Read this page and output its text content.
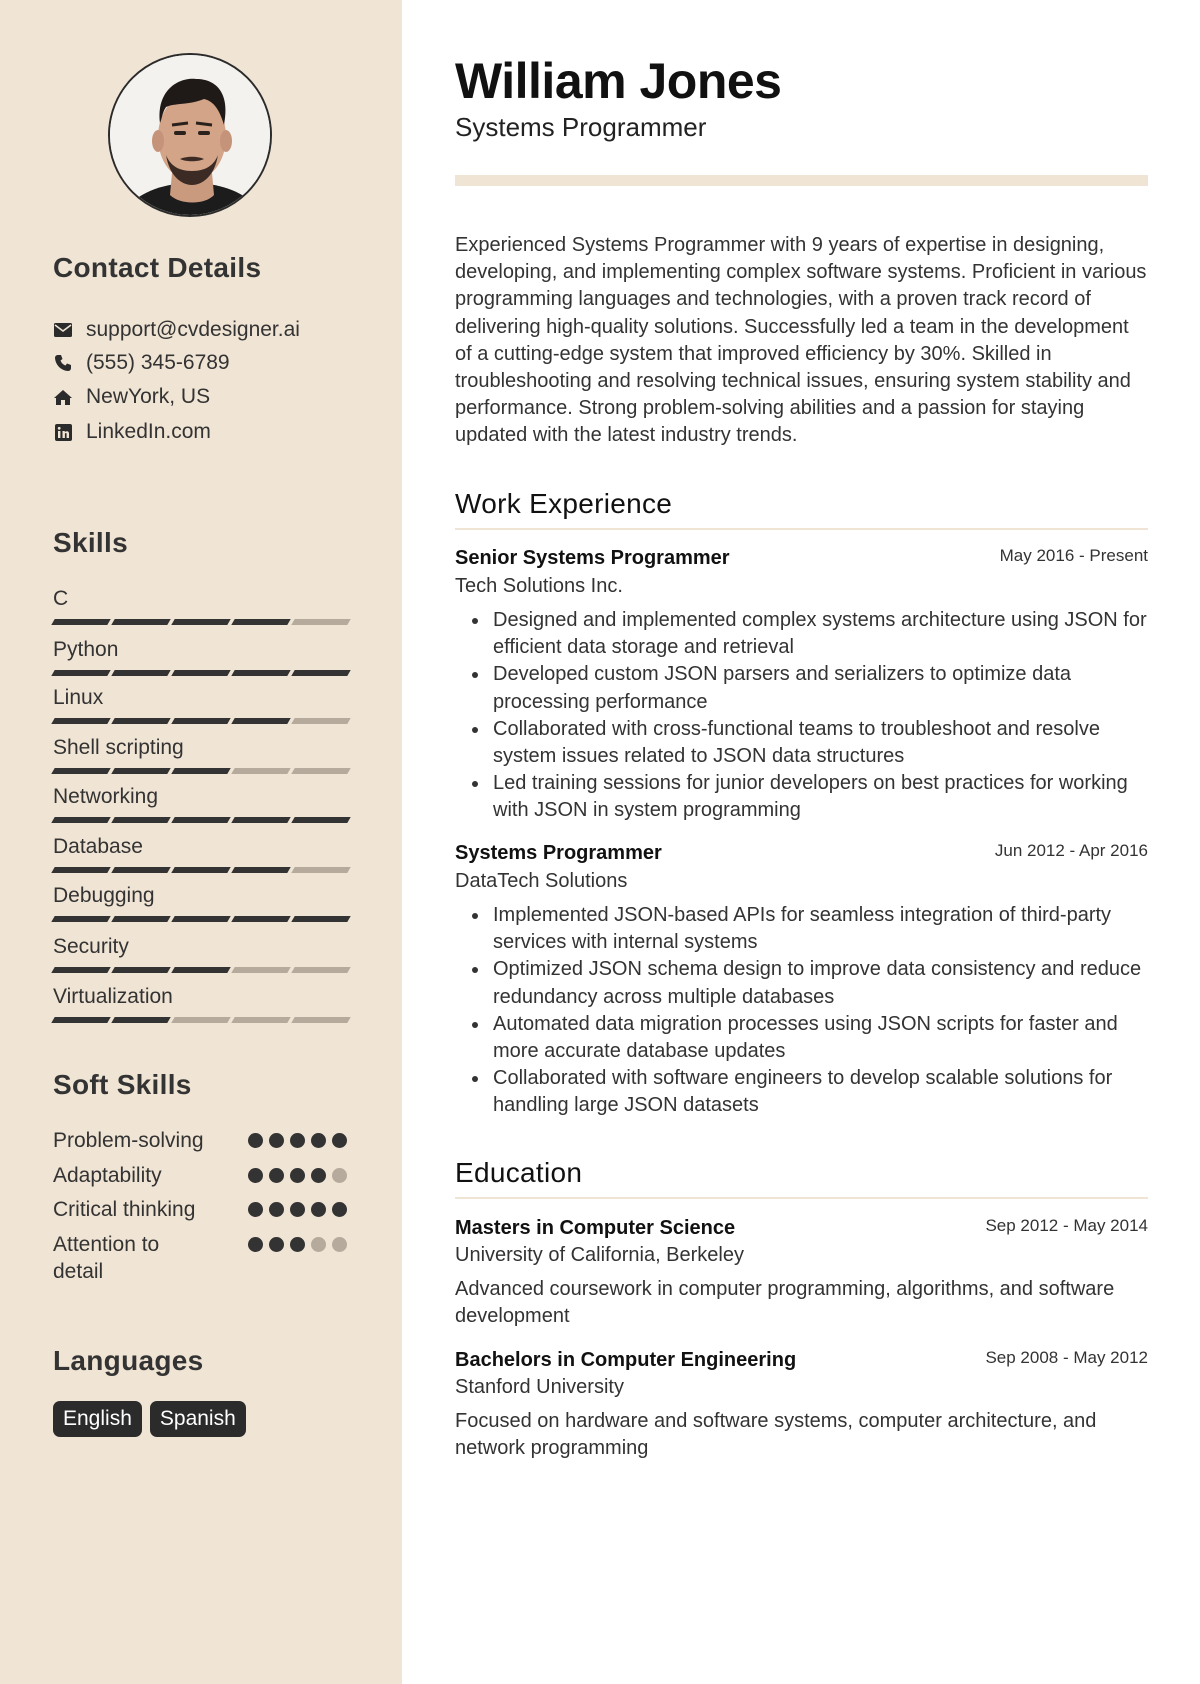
Contact Details
support@cvdesigner.ai
(555) 345-6789
NewYork, US
LinkedIn.com
Skills
C
Python
Linux
Shell scripting
Networking
Database
Debugging
Security
Virtualization
Soft Skills
Problem-solving
Adaptability
Critical thinking
Attention to detail
Languages
English	Spanish
William Jones
Systems Programmer
Experienced Systems Programmer with 9 years of expertise in designing, developing, and implementing complex software systems. Proficient in various programming languages and technologies, with a proven track record of delivering high-quality solutions. Successfully led a team in the development of a cutting-edge system that improved efficiency by 30%. Skilled in troubleshooting and resolving technical issues, ensuring system stability and performance. Strong problem-solving abilities and a passion for staying updated with the latest industry trends.
Work Experience
Senior Systems Programmer	May 2016 - Present
Tech Solutions Inc.
Designed and implemented complex systems architecture using JSON for efficient data storage and retrieval
Developed custom JSON parsers and serializers to optimize data processing performance
Collaborated with cross-functional teams to troubleshoot and resolve system issues related to JSON data structures
Led training sessions for junior developers on best practices for working with JSON in system programming
Systems Programmer	Jun 2012 - Apr 2016
DataTech Solutions
Implemented JSON-based APIs for seamless integration of third-party services with internal systems
Optimized JSON schema design to improve data consistency and reduce redundancy across multiple databases
Automated data migration processes using JSON scripts for faster and more accurate database updates
Collaborated with software engineers to develop scalable solutions for handling large JSON datasets
Education
Masters in Computer Science	Sep 2012 - May 2014
University of California, Berkeley
Advanced coursework in computer programming, algorithms, and software development
Bachelors in Computer Engineering	Sep 2008 - May 2012
Stanford University
Focused on hardware and software systems, computer architecture, and network programming
